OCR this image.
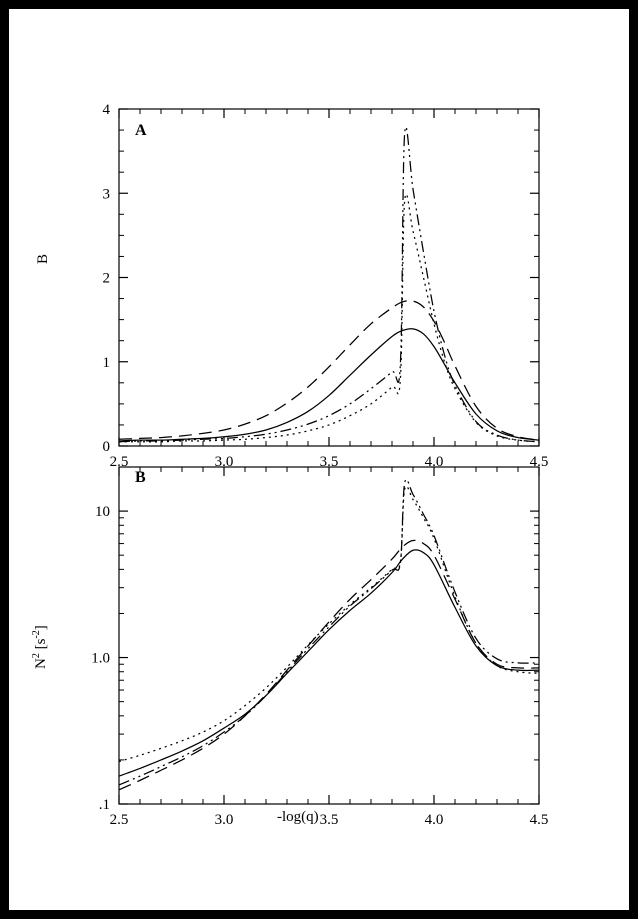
2.5	3.0	3.5	4.0	4.5
0
1
2
3
4
A
B
2.5	3.0	3.5	4.0	4.5
.1
1.0
10
B
$N^2$ $[s^{-2}]$
-log(q)
